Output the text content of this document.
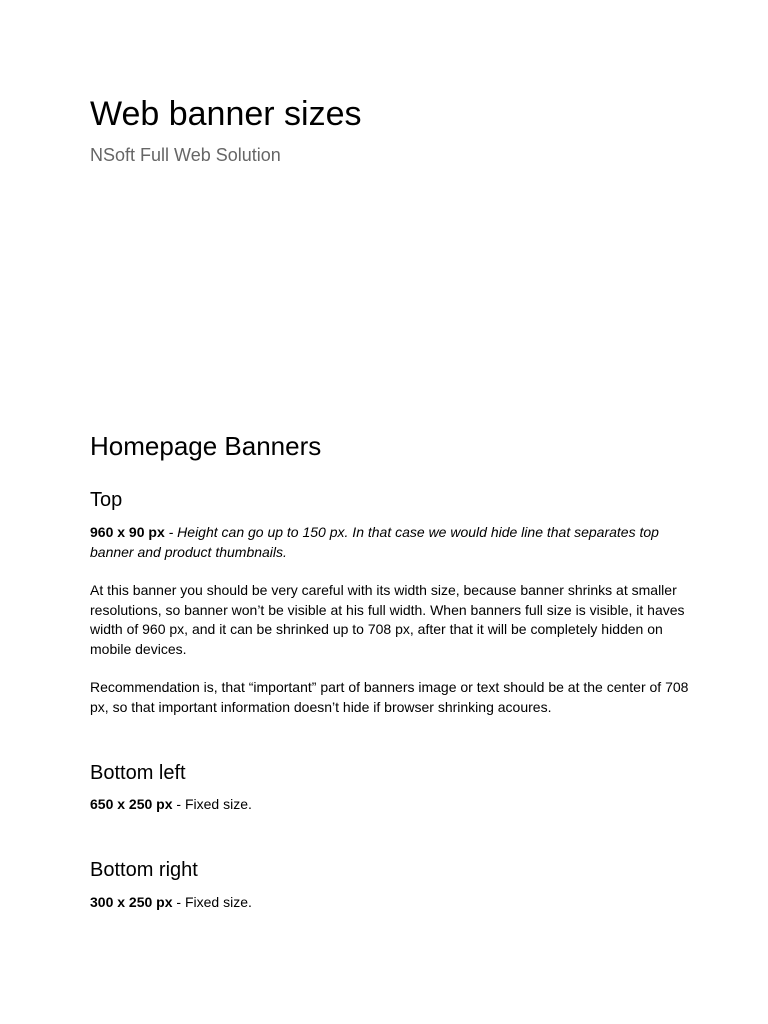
Web banner sizes
NSoft Full Web Solution
Homepage Banners
Top

960 x 90 px - Height can go up to 150 px. In that case we would hide line that separates top banner and product thumbnails.

At this banner you should be very careful with its width size, because banner shrinks at smaller resolutions, so banner won’t be visible at his full width. When banners full size is visible, it haves width of 960 px, and it can be shrinked up to 708 px, after that it will be completely hidden on mobile devices.

Recommendation is, that “important” part of banners image or text should be at the center of 708 px, so that important information doesn’t hide if browser shrinking acoures.

Bottom left

650 x 250 px - Fixed size.

Bottom right

300 x 250 px - Fixed size.
